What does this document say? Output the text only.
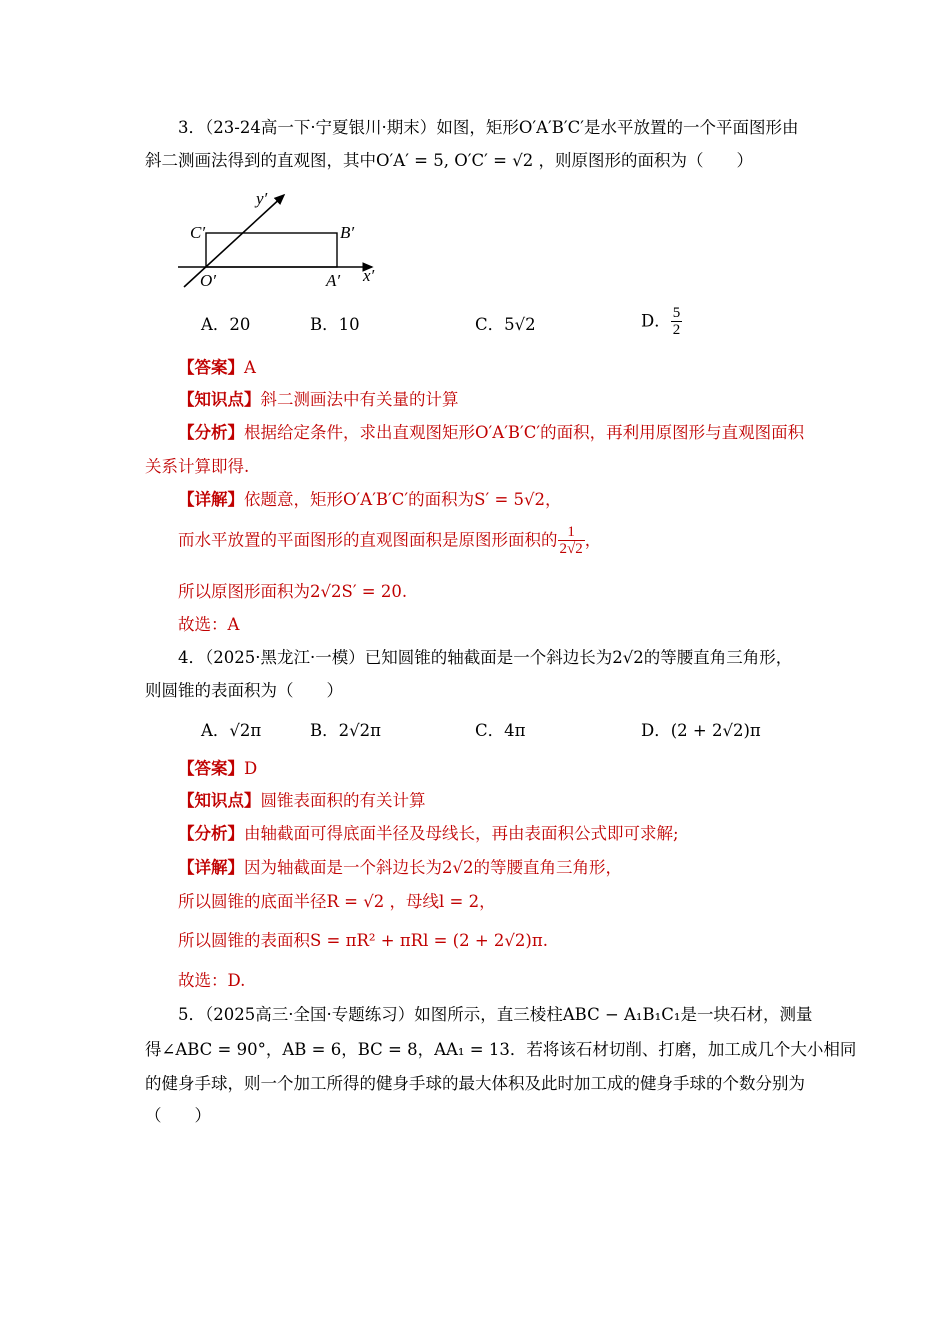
3．（23-24高一下·宁夏银川·期末）如图，矩形O′A′B′C′是水平放置的一个平面图形由
斜二测画法得到的直观图，其中O′A′ = 5, O′C′ = √2 ，则原图形的面积为（　　）
y′
C′	B′
O′	A′ x′
A．20	B．10	C．5√2	D． $\frac{5}{2}$
【答案】A
【知识点】斜二测画法中有关量的计算
【分析】根据给定条件，求出直观图矩形O′A′B′C′的面积，再利用原图形与直观图面积
关系计算即得.
【详解】依题意，矩形O′A′B′C′的面积为S′ = 5√2，
而水平放置的平面图形的直观图面积是原图形面积的 $\frac{1}{2√2}$ ，
所以原图形面积为2√2S′ = 20.
故选：A
4．（2025·黑龙江·一模）已知圆锥的轴截面是一个斜边长为2√2的等腰直角三角形，
则圆锥的表面积为（　　）
A．√2π	B．2√2π	C．4π	D．(2 + 2√2)π
【答案】D
【知识点】圆锥表面积的有关计算
【分析】由轴截面可得底面半径及母线长，再由表面积公式即可求解;
【详解】因为轴截面是一个斜边长为2√2的等腰直角三角形，
所以圆锥的底面半径R = √2 ，母线l = 2，
所以圆锥的表面积S = πR² + πRl = (2 + 2√2)π.
故选：D.
5．（2025高三·全国·专题练习）如图所示，直三棱柱ABC − A₁B₁C₁是一块石材，测量
得∠ABC = 90°，AB = 6，BC = 8，AA₁ = 13．若将该石材切削、打磨，加工成几个大小相同
的健身手球，则一个加工所得的健身手球的最大体积及此时加工成的健身手球的个数分别为
（　　）
